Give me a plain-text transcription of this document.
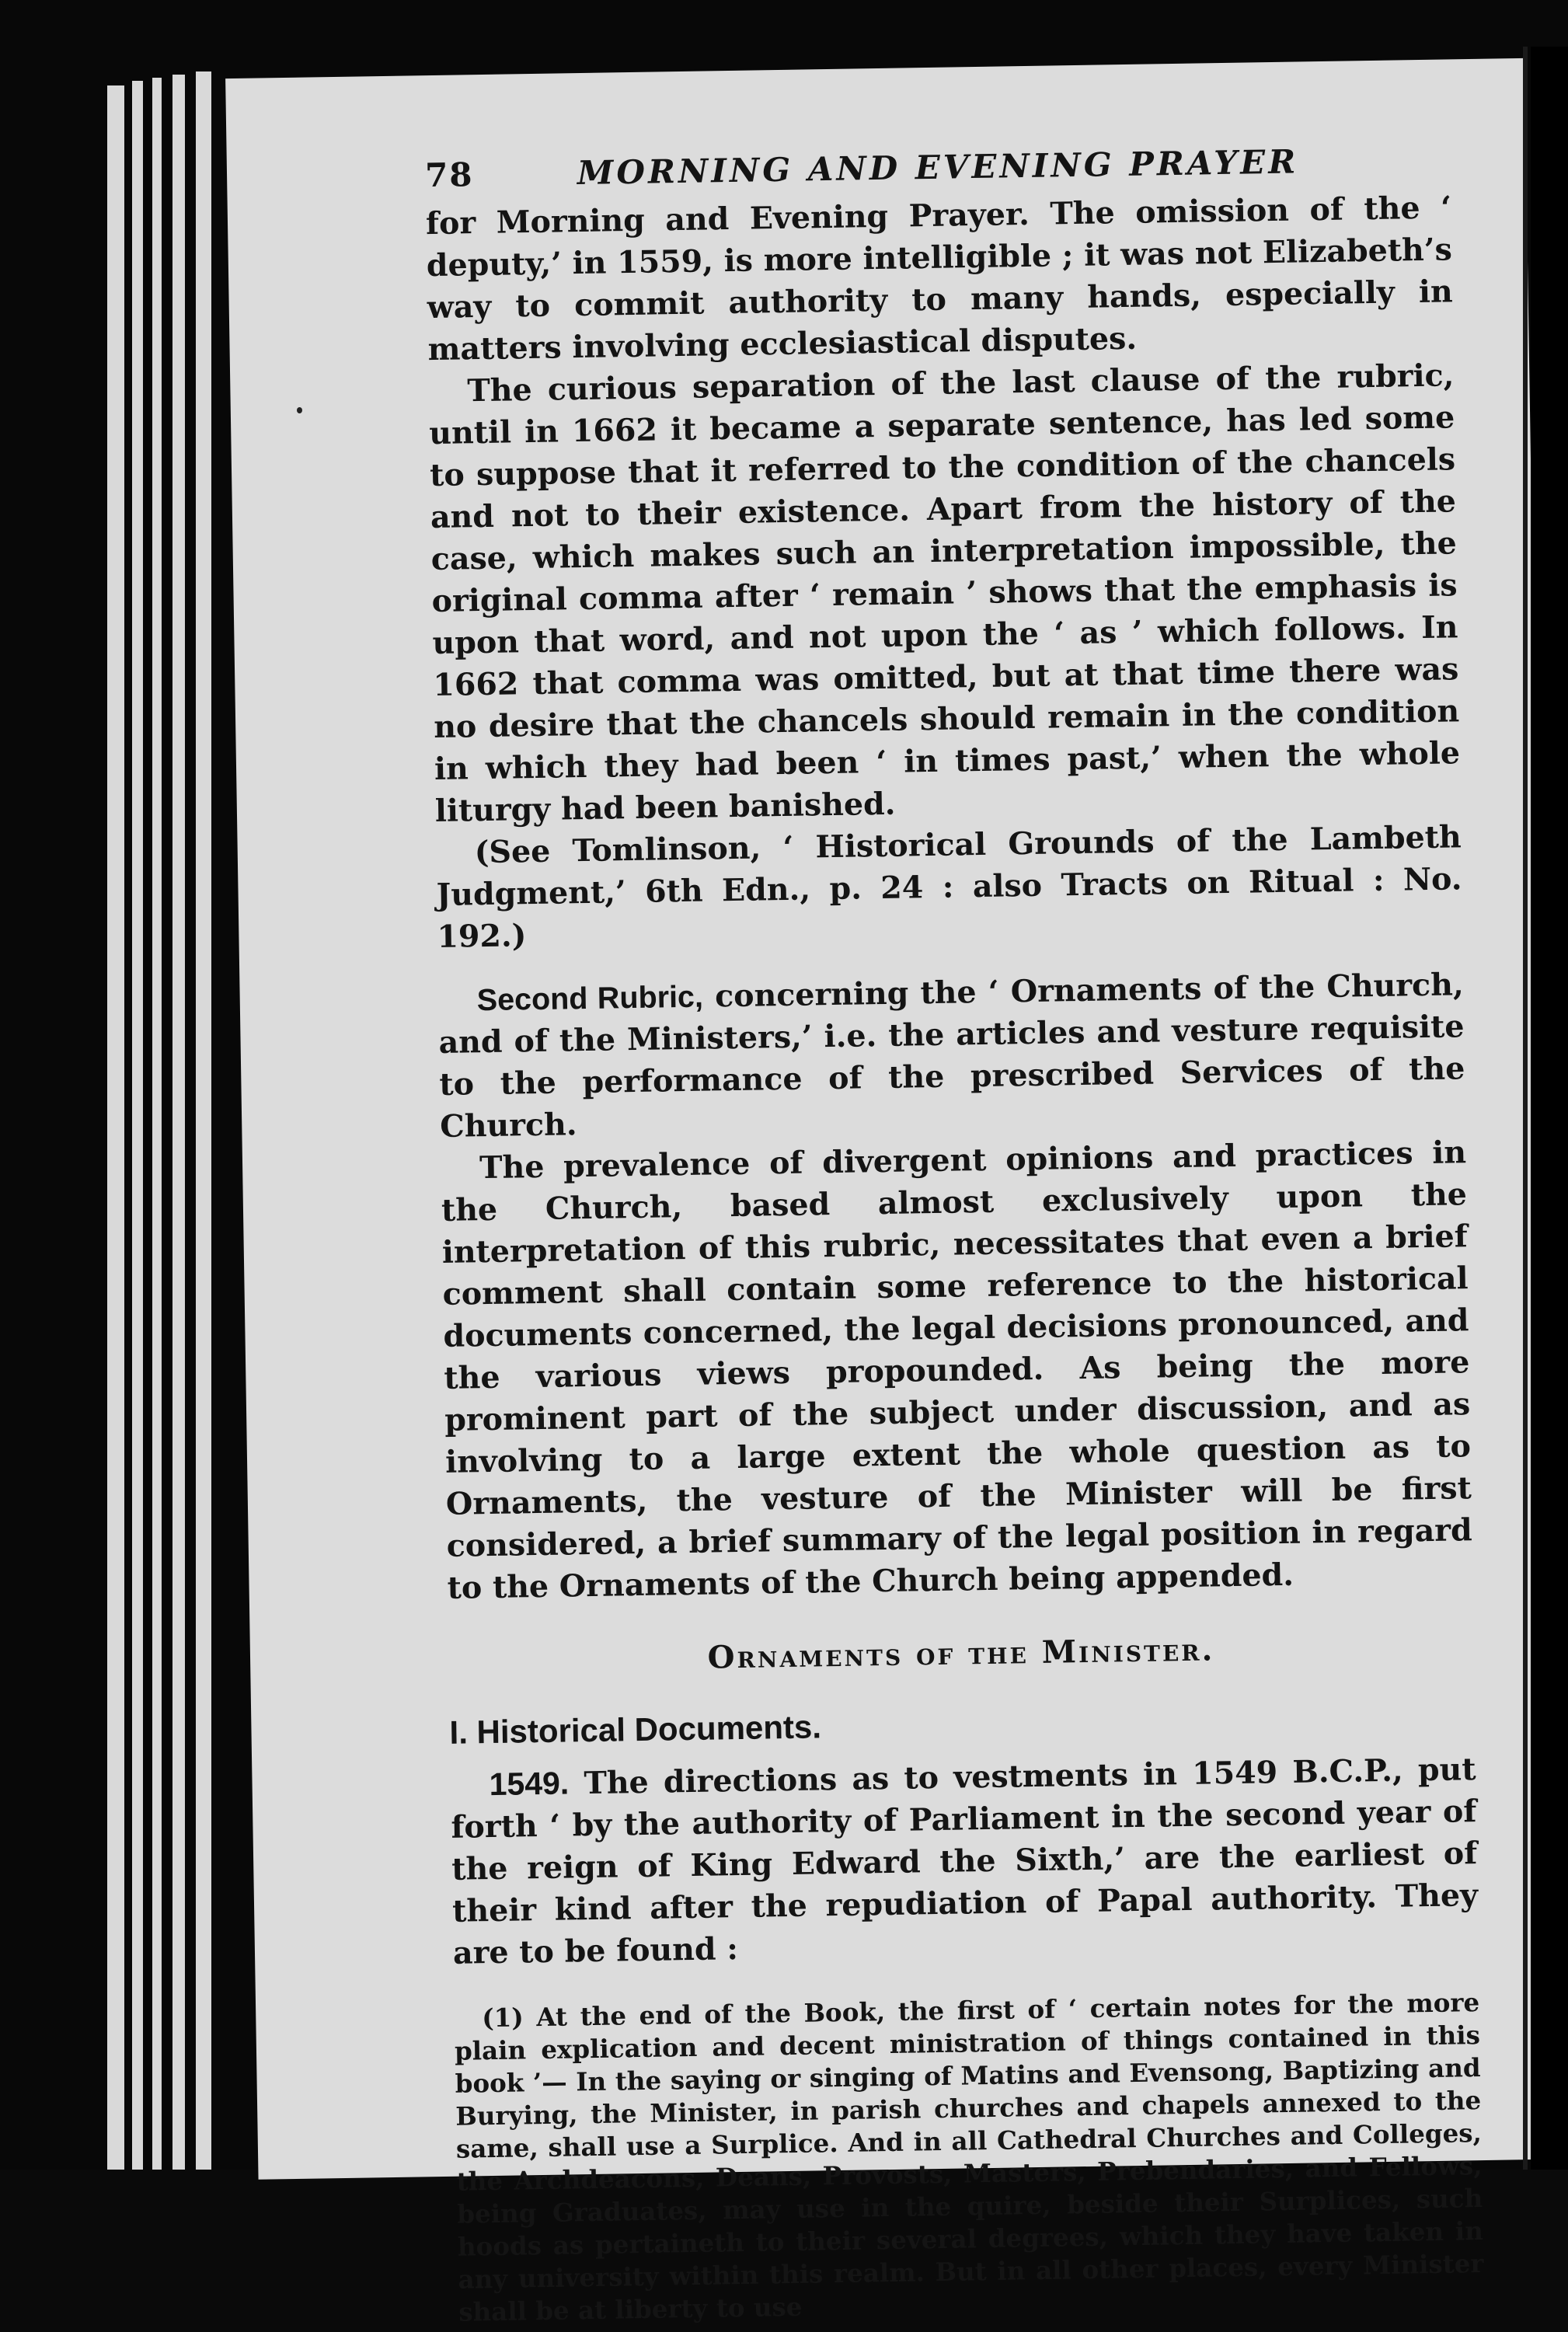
78	MORNING AND EVENING PRAYER

for Morning and Evening Prayer. The omission of the ‘ deputy,’ in 1559, is more intelligible ; it was not Elizabeth’s way to commit authority to many hands, especially in matters involving ecclesiastical disputes.

The curious separation of the last clause of the rubric, until in 1662 it became a separate sentence, has led some to suppose that it referred to the condition of the chancels and not to their existence. Apart from the history of the case, which makes such an interpretation impossible, the original comma after ‘ remain ’ shows that the emphasis is upon that word, and not upon the ‘ as ’ which follows. In 1662 that comma was omitted, but at that time there was no desire that the chancels should remain in the condition in which they had been ‘ in times past,’ when the whole liturgy had been banished.

(See Tomlinson, ‘ Historical Grounds of the Lambeth Judgment,’ 6th Edn., p. 24 : also Tracts on Ritual : No. 192.)

Second Rubric, concerning the ‘ Ornaments of the Church, and of the Ministers,’ i.e. the articles and vesture requisite to the performance of the prescribed Services of the Church.

The prevalence of divergent opinions and practices in the Church, based almost exclusively upon the interpretation of this rubric, necessitates that even a brief comment shall contain some reference to the historical documents concerned, the legal decisions pronounced, and the various views propounded. As being the more prominent part of the subject under discussion, and as involving to a large extent the whole question as to Ornaments, the vesture of the Minister will be first considered, a brief summary of the legal position in regard to the Ornaments of the Church being appended.

Ornaments of the Minister.
I. Historical Documents.

1549. The directions as to vestments in 1549 B.C.P., put forth ‘ by the authority of Parliament in the second year of the reign of King Edward the Sixth,’ are the earliest of their kind after the repudiation of Papal authority. They are to be found :

(1) At the end of the Book, the first of ‘ certain notes for the more plain explication and decent ministration of things contained in this book ’— In the saying or singing of Matins and Evensong, Baptizing and Burying, the Minister, in parish churches and chapels annexed to the same, shall use a Surplice. And in all Cathedral Churches and Colleges, the Archdeacons, Deans, Provosts, Masters, Prebendaries, and Fellows, being Graduates, may use in the quire, beside their Surplices, such hoods as pertaineth to their several degrees, which they have taken in any university within this realm. But in all other places, every Minister shall be at liberty to use
